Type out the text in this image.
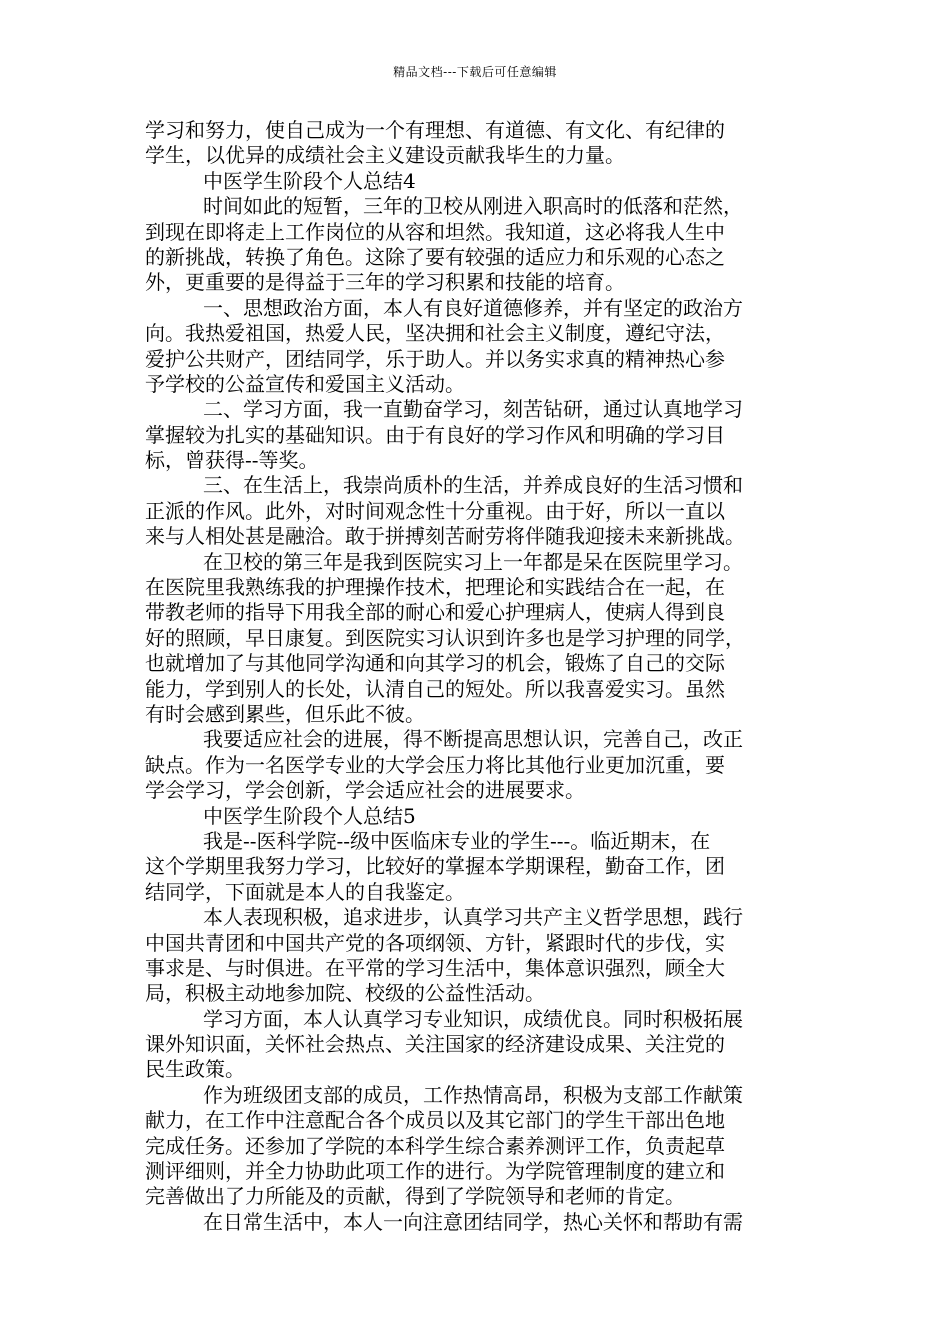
精品文档---下载后可任意编辑
学习和努力，使自己成为一个有理想、有道德、有文化、有纪律的
学生，以优异的成绩社会主义建设贡献我毕生的力量。
中医学生阶段个人总结4
时间如此的短暂，三年的卫校从刚进入职高时的低落和茫然，
到现在即将走上工作岗位的从容和坦然。我知道，这必将我人生中
的新挑战，转换了角色。这除了要有较强的适应力和乐观的心态之
外，更重要的是得益于三年的学习积累和技能的培育。
一、思想政治方面，本人有良好道德修养，并有坚定的政治方
向。我热爱祖国，热爱人民，坚决拥和社会主义制度，遵纪守法，
爱护公共财产，团结同学，乐于助人。并以务实求真的精神热心参
予学校的公益宣传和爱国主义活动。
二、学习方面，我一直勤奋学习，刻苦钻研，通过认真地学习
掌握较为扎实的基础知识。由于有良好的学习作风和明确的学习目
标，曾获得--等奖。
三、在生活上，我崇尚质朴的生活，并养成良好的生活习惯和
正派的作风。此外，对时间观念性十分重视。由于好，所以一直以
来与人相处甚是融洽。敢于拼搏刻苦耐劳将伴随我迎接未来新挑战。
在卫校的第三年是我到医院实习上一年都是呆在医院里学习。
在医院里我熟练我的护理操作技术，把理论和实践结合在一起，在
带教老师的指导下用我全部的耐心和爱心护理病人，使病人得到良
好的照顾，早日康复。到医院实习认识到许多也是学习护理的同学，
也就增加了与其他同学沟通和向其学习的机会，锻炼了自己的交际
能力，学到别人的长处，认清自己的短处。所以我喜爱实习。虽然
有时会感到累些，但乐此不彼。
我要适应社会的进展，得不断提高思想认识，完善自己，改正
缺点。作为一名医学专业的大学会压力将比其他行业更加沉重，要
学会学习，学会创新，学会适应社会的进展要求。
中医学生阶段个人总结5
我是--医科学院--级中医临床专业的学生---。临近期末，在
这个学期里我努力学习，比较好的掌握本学期课程，勤奋工作，团
结同学，下面就是本人的自我鉴定。
本人表现积极，追求进步，认真学习共产主义哲学思想，践行
中国共青团和中国共产党的各项纲领、方针，紧跟时代的步伐，实
事求是、与时俱进。在平常的学习生活中，集体意识强烈，顾全大
局，积极主动地参加院、校级的公益性活动。
学习方面，本人认真学习专业知识，成绩优良。同时积极拓展
课外知识面，关怀社会热点、关注国家的经济建设成果、关注党的
民生政策。
作为班级团支部的成员，工作热情高昂，积极为支部工作献策
献力，在工作中注意配合各个成员以及其它部门的学生干部出色地
完成任务。还参加了学院的本科学生综合素养测评工作，负责起草
测评细则，并全力协助此项工作的进行。为学院管理制度的建立和
完善做出了力所能及的贡献，得到了学院领导和老师的肯定。
在日常生活中，本人一向注意团结同学，热心关怀和帮助有需
